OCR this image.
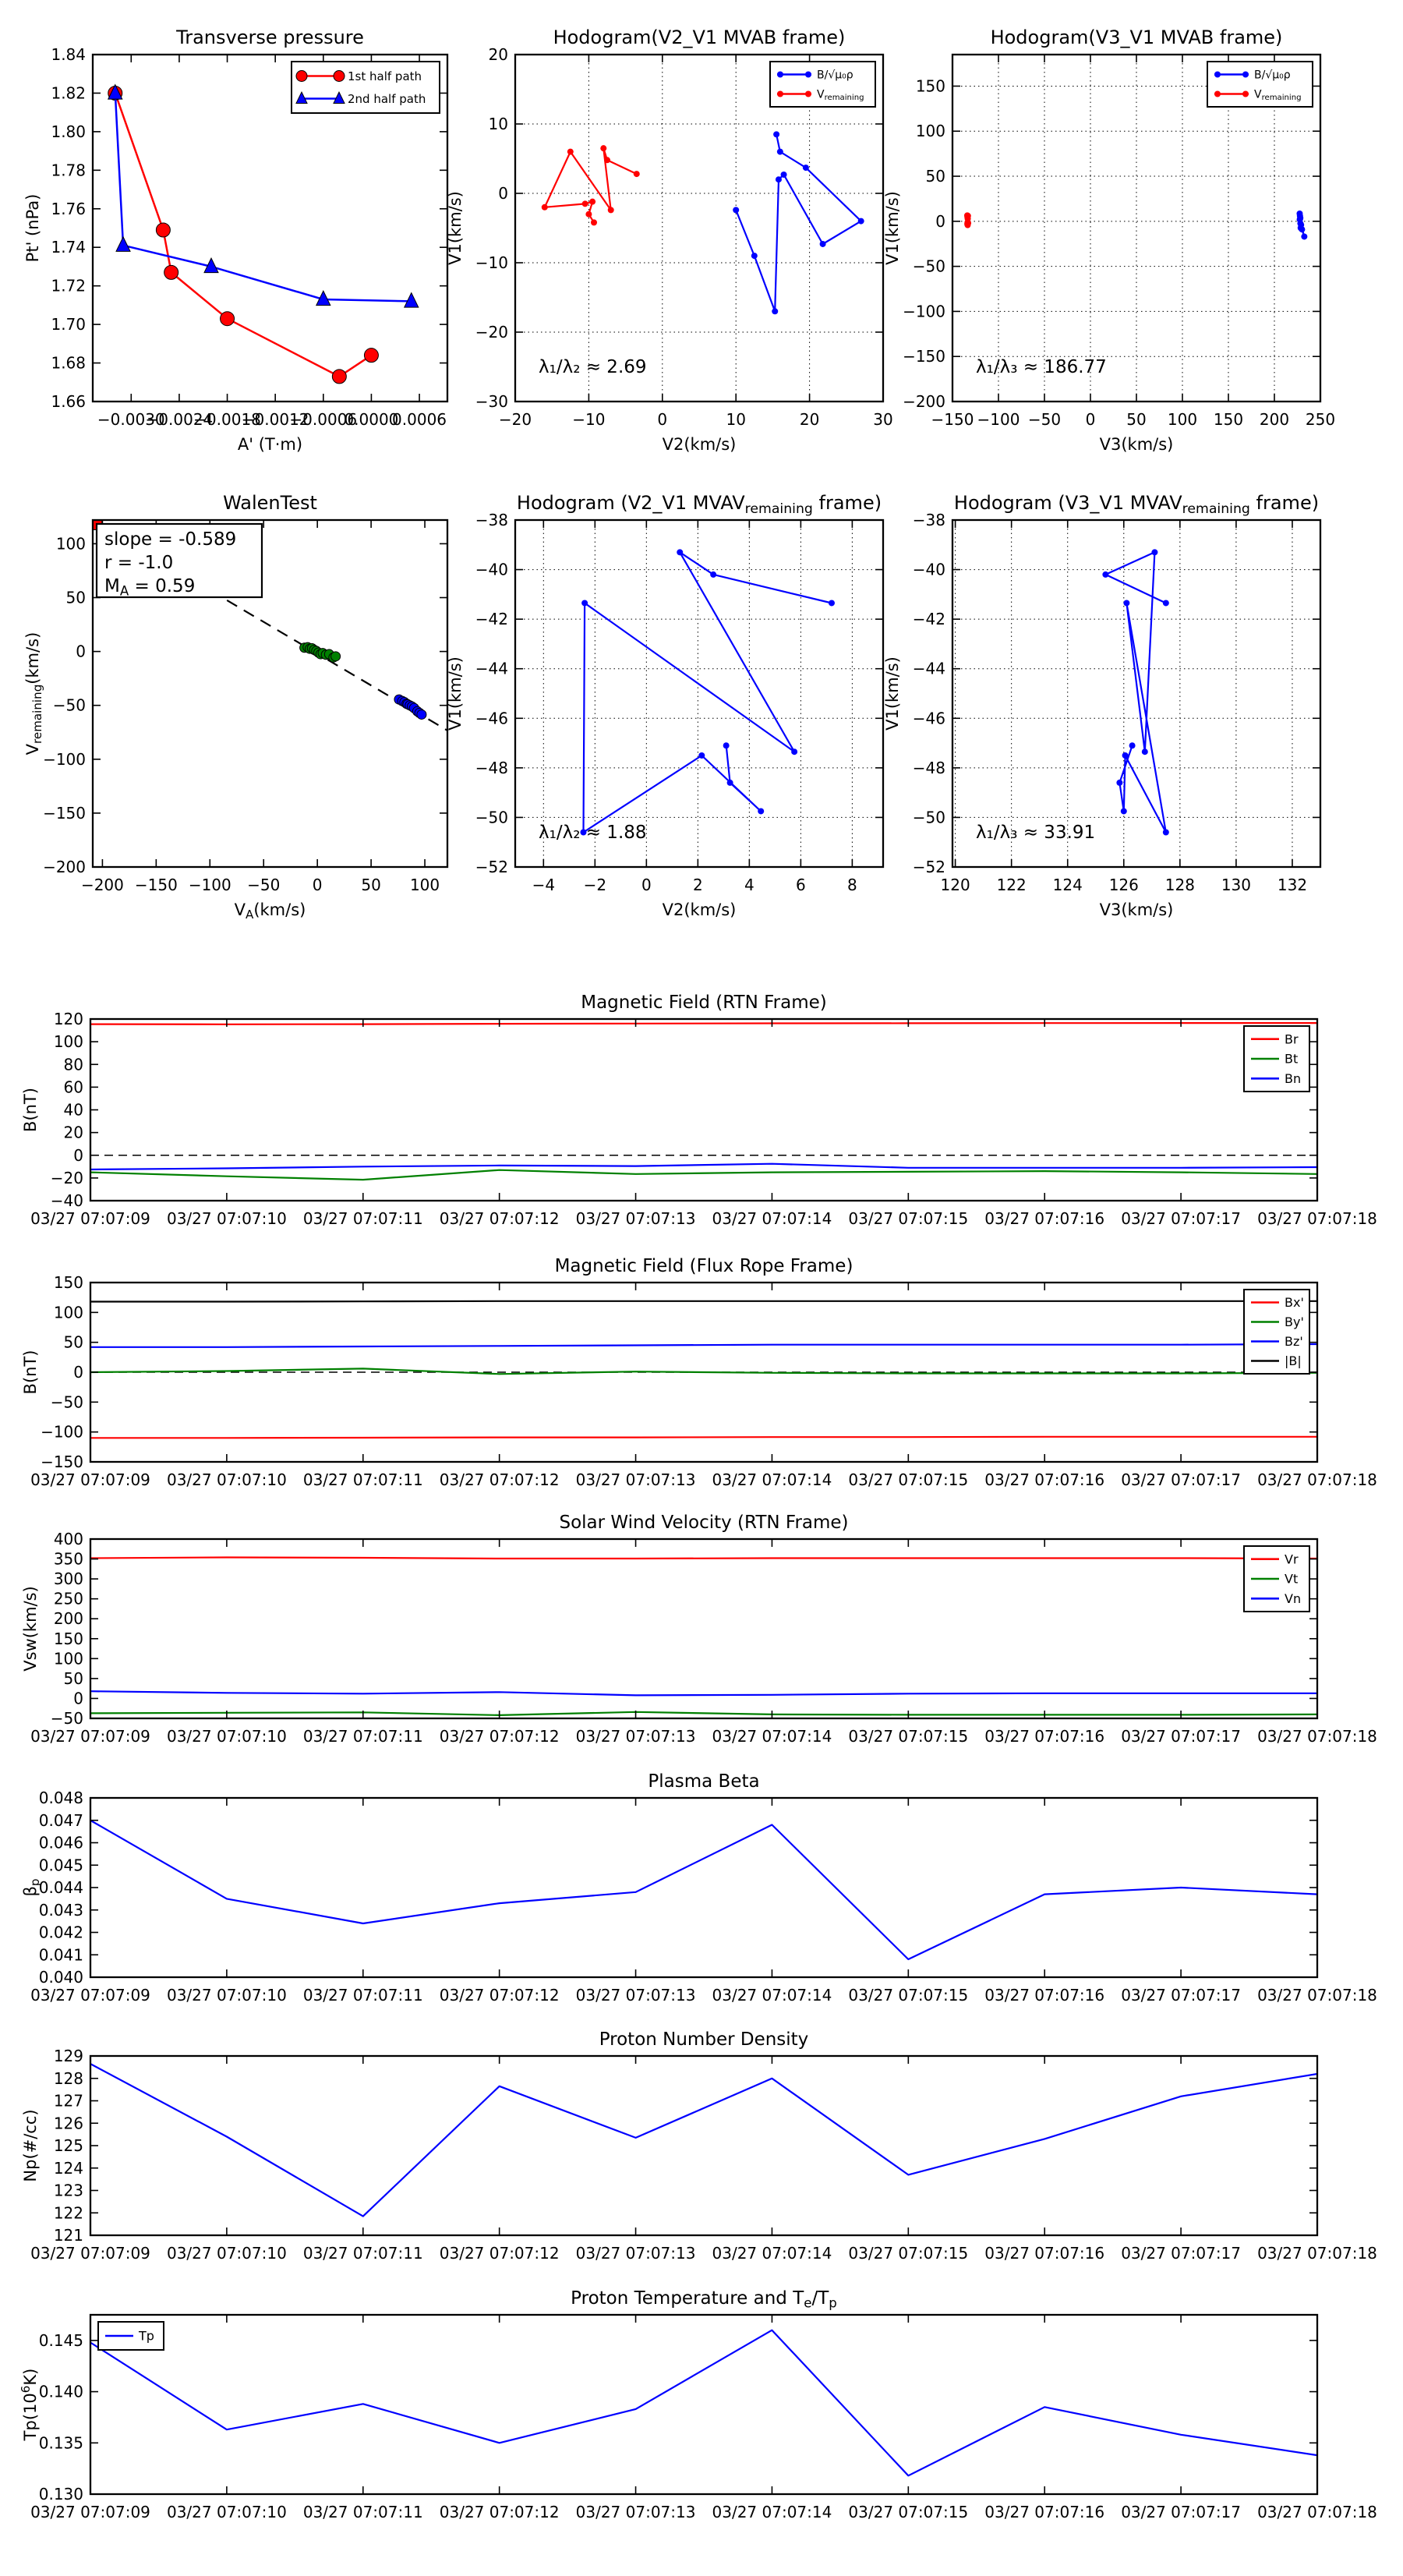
−0.0030
−0.0024
−0.0018
−0.0012
−0.0006
0.0000
0.0006
1.66
1.68
1.70
1.72
1.74
1.76
1.78
1.80
1.82
1.84
Transverse pressure
A' (T·m)
Pt' (nPa)
1st half path
2nd half path
−20	−10	0	10	20	30
−30
−20
−10
0
10
20
Hodogram(V2_V1 MVAB frame)
V2(km/s)
V1(km/s)
λ₁/λ₂ ≈ 2.69
B/√μ₀ρ
Vremaining
−150 −100 −50 0 50 100 150 200 250
−200
−150
−100
−50
0
50
100
150
Hodogram(V3_V1 MVAB frame)
V3(km/s)
V1(km/s)
λ₁/λ₃ ≈ 186.77
B/√μ₀ρ
Vremaining
−200 −150 −100 −50 0 50 100
−200
−150
−100
−50
0
50
100
WalenTest
$V_A(km/s)$
$V_{remaining}(km/s)$
slope = -0.589
r = -1.0
MA = 0.59
−4 −2 0	2	4	6	8
−52
−50
−48
−46
−44
−42
−40
−38
Hodogram (V2_V1 MVAVremaining frame)
V2(km/s)
V1(km/s)
λ₁/λ₂ ≈ 1.88
120 122 124 126 128 130 132
−52
−50
−48
−46
−44
−42
−40
−38
Hodogram (V3_V1 MVAVremaining frame)
V3(km/s)
V1(km/s)
λ₁/λ₃ ≈ 33.91
03/27 07:07:09 03/27 07:07:10 03/27 07:07:11 03/27 07:07:12 03/27 07:07:13 03/27 07:07:14 03/27 07:07:15 03/27 07:07:16 03/27 07:07:17 03/27 07:07:18
−40
−20
0
20
40
60
80
100
120
Magnetic Field (RTN Frame)
B(nT)
Br
Bt
Bn
03/27 07:07:09 03/27 07:07:10 03/27 07:07:11 03/27 07:07:12 03/27 07:07:13 03/27 07:07:14 03/27 07:07:15 03/27 07:07:16 03/27 07:07:17 03/27 07:07:18
−150
−100
−50
0
50
100
150
Magnetic Field (Flux Rope Frame)
B(nT)
Bx'
By'
Bz'
|B|
03/27 07:07:09 03/27 07:07:10 03/27 07:07:11 03/27 07:07:12 03/27 07:07:13 03/27 07:07:14 03/27 07:07:15 03/27 07:07:16 03/27 07:07:17 03/27 07:07:18
−50
0
50
100
150
200
250
300
350
400
Solar Wind Velocity (RTN Frame)
Vsw(km/s)
Vr
Vt
Vn
03/27 07:07:09 03/27 07:07:10 03/27 07:07:11 03/27 07:07:12 03/27 07:07:13 03/27 07:07:14 03/27 07:07:15 03/27 07:07:16 03/27 07:07:17 03/27 07:07:18
0.040
0.041
0.042
0.043
0.044
0.045
0.046
0.047
0.048
Plasma Beta
$\beta_p$
03/27 07:07:09 03/27 07:07:10 03/27 07:07:11 03/27 07:07:12 03/27 07:07:13 03/27 07:07:14 03/27 07:07:15 03/27 07:07:16 03/27 07:07:17 03/27 07:07:18
121
122
123
124
125
126
127
128
129
Proton Number Density
Np(#/cc)
03/27 07:07:09 03/27 07:07:10 03/27 07:07:11 03/27 07:07:12 03/27 07:07:13 03/27 07:07:14 03/27 07:07:15 03/27 07:07:16 03/27 07:07:17 03/27 07:07:18
0.130
0.135
0.140
0.145
Proton Temperature and Te/Tp
$Tp(10^6K)$
Tp
